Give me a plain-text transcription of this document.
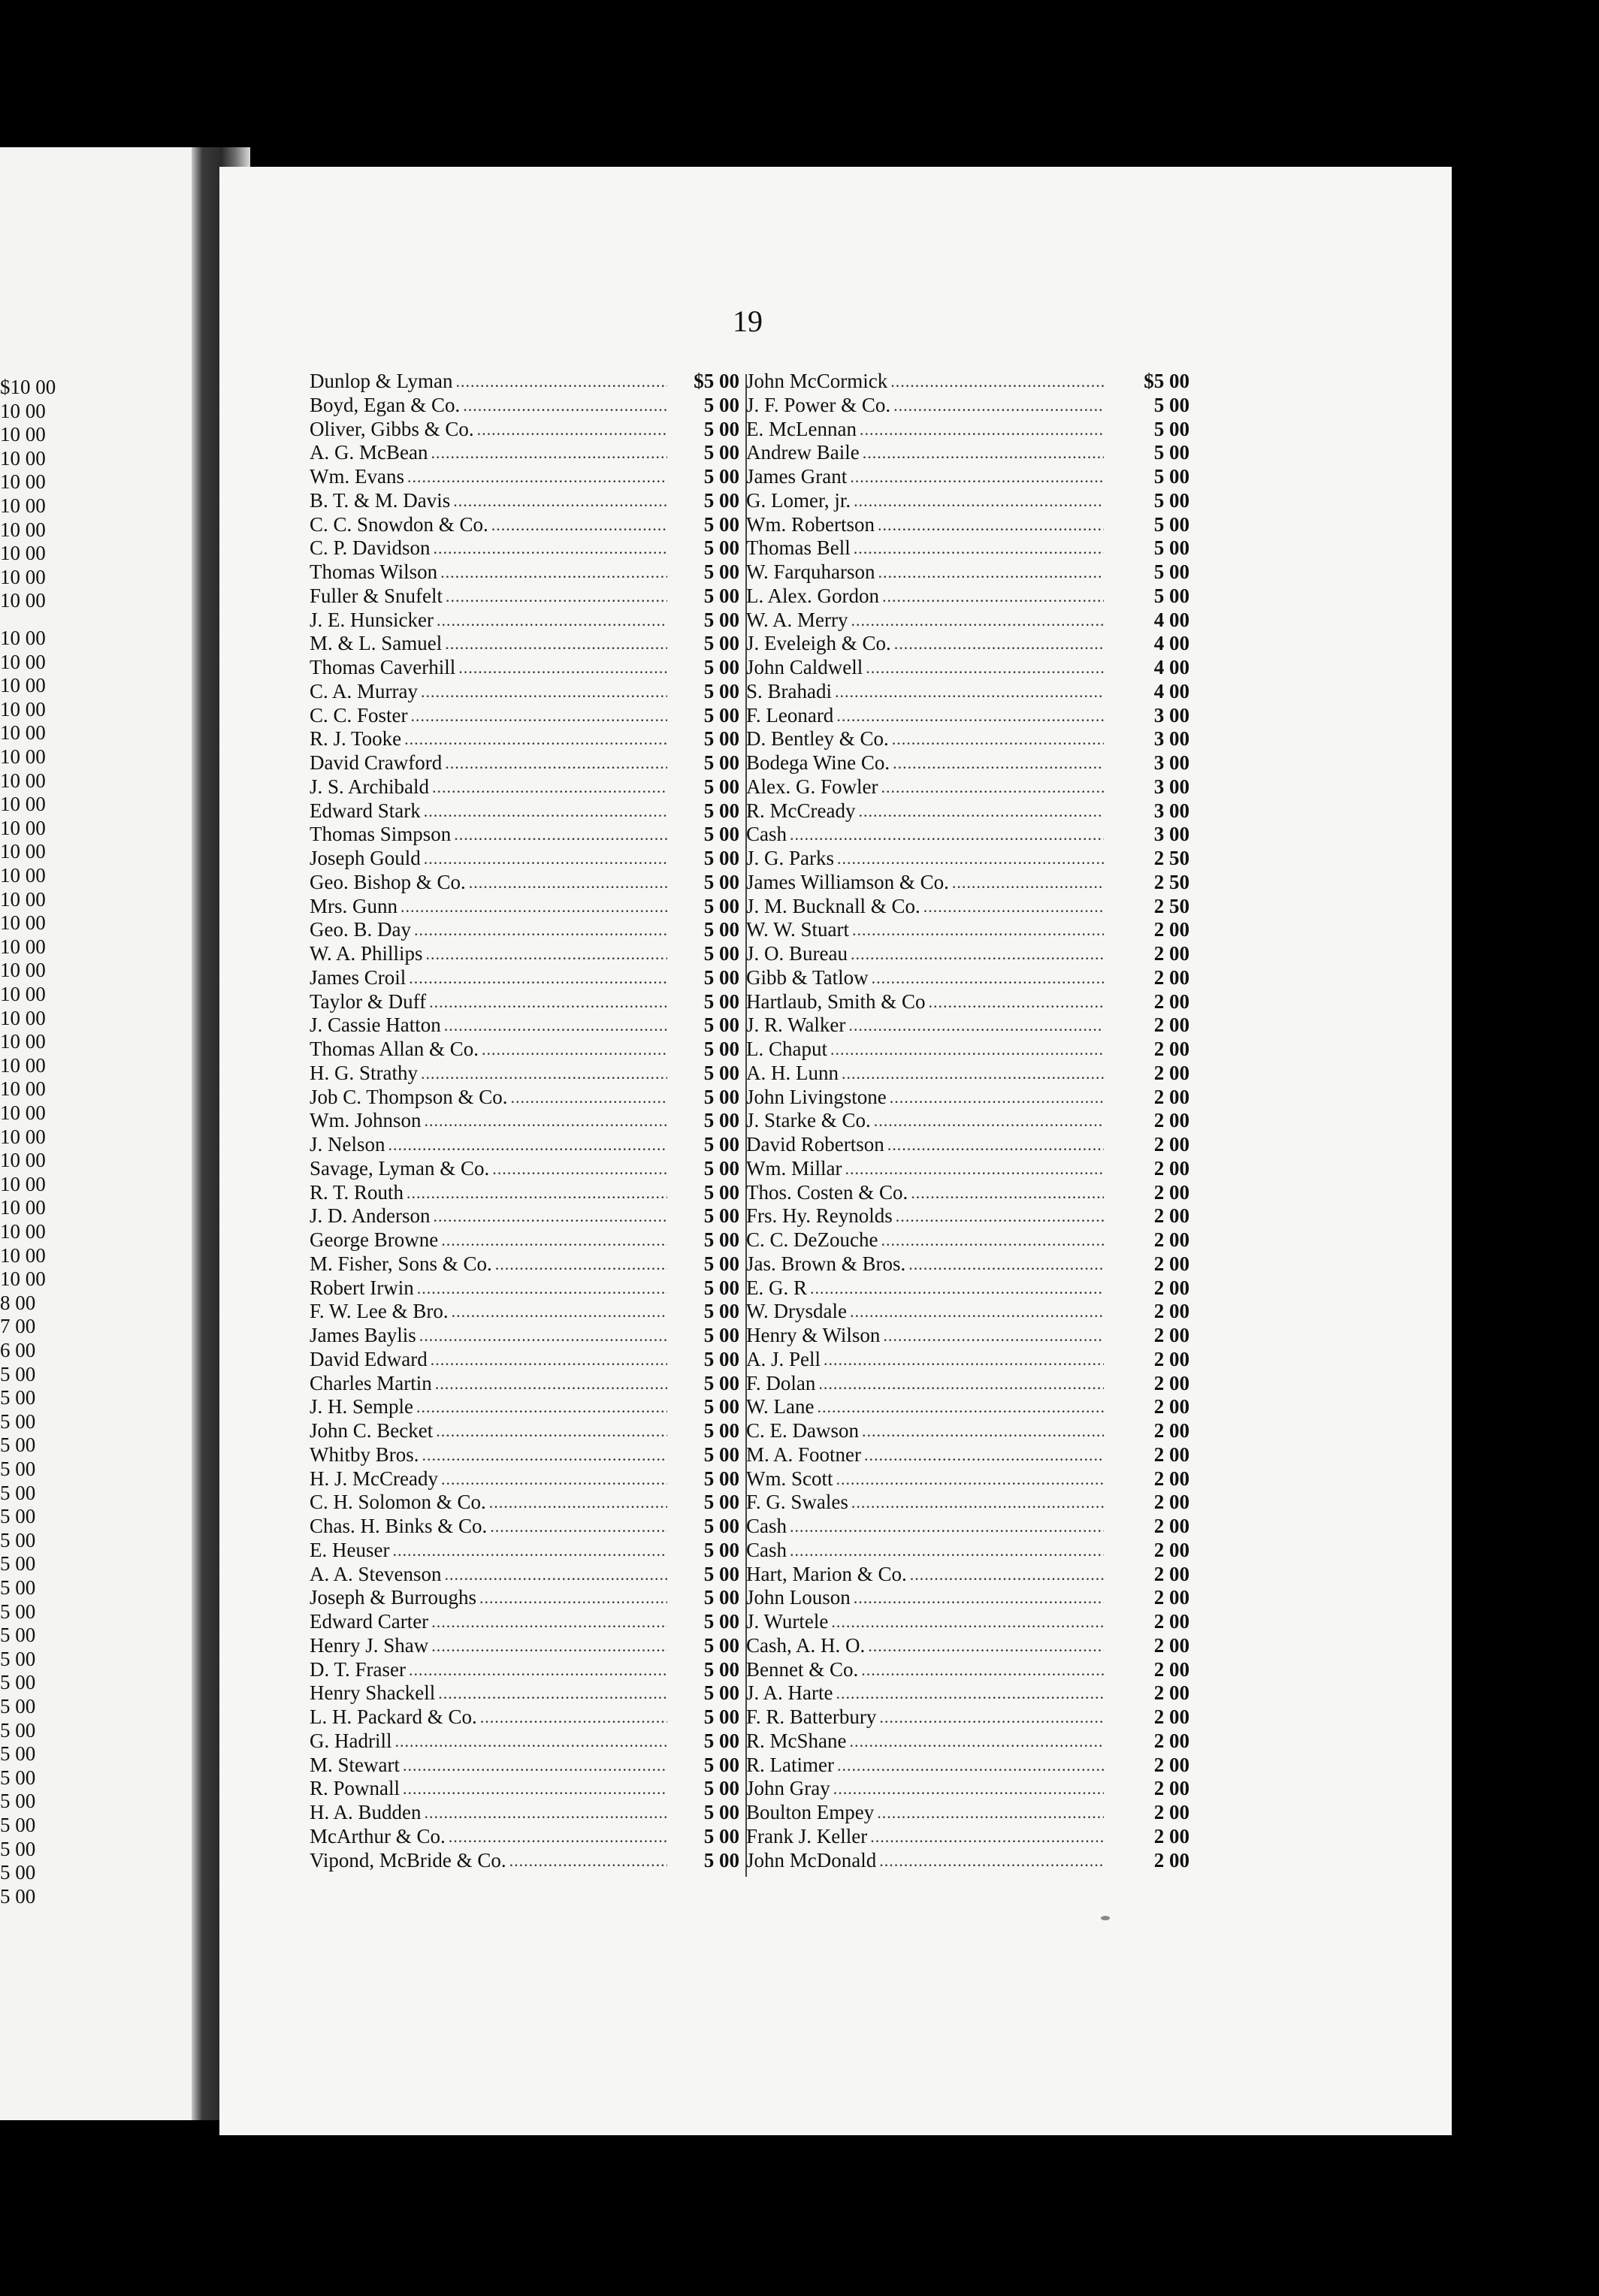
19
$10 00
10 00
10 00
10 00
10 00
10 00
10 00
10 00
10 00
10 00
10 00
10 00
10 00
10 00
10 00
10 00
10 00
10 00
10 00
10 00
10 00
10 00
10 00
10 00
10 00
10 00
10 00
10 00
10 00
10 00
10 00
10 00
10 00
10 00
10 00
10 00
10 00
10 00
8 00
7 00
6 00
5 00
5 00
5 00
5 00
5 00
5 00
5 00
5 00
5 00
5 00
5 00
5 00
5 00
5 00
5 00
5 00
5 00
5 00
5 00
5 00
5 00
5 00
5 00
Dunlop & Lyman .....	$5 00
Boyd, Egan & Co. .....	5 00
Oliver, Gibbs & Co. .....	5 00
A. G. McBean .....	5 00
Wm. Evans .....	5 00
B. T. & M. Davis .....	5 00
C. C. Snowdon & Co. .....	5 00
C. P. Davidson .....	5 00
Thomas Wilson .....	5 00
Fuller & Snufelt .....	5 00
J. E. Hunsicker .....	5 00
M. & L. Samuel .....	5 00
Thomas Caverhill .....	5 00
C. A. Murray .....	5 00
C. C. Foster .....	5 00
R. J. Tooke .....	5 00
David Crawford .....	5 00
J. S. Archibald .....	5 00
Edward Stark .....	5 00
Thomas Simpson .....	5 00
Joseph Gould .....	5 00
Geo. Bishop & Co. .....	5 00
Mrs. Gunn .....	5 00
Geo. B. Day .....	5 00
W. A. Phillips .....	5 00
James Croil .....	5 00
Taylor & Duff .....	5 00
J. Cassie Hatton .....	5 00
Thomas Allan & Co. .....	5 00
H. G. Strathy .....	5 00
Job C. Thompson & Co. .....	5 00
Wm. Johnson .....	5 00
J. Nelson .....	5 00
Savage, Lyman & Co. .....	5 00
R. T. Routh .....	5 00
J. D. Anderson .....	5 00
George Browne .....	5 00
M. Fisher, Sons & Co. .....	5 00
Robert Irwin .....	5 00
F. W. Lee & Bro. .....	5 00
James Baylis .....	5 00
David Edward .....	5 00
Charles Martin .....	5 00
J. H. Semple .....	5 00
John C. Becket .....	5 00
Whitby Bros. .....	5 00
H. J. McCready .....	5 00
C. H. Solomon & Co. .....	5 00
Chas. H. Binks & Co. .....	5 00
E. Heuser .....	5 00
A. A. Stevenson .....	5 00
Joseph & Burroughs .....	5 00
Edward Carter .....	5 00
Henry J. Shaw .....	5 00
D. T. Fraser .....	5 00
Henry Shackell .....	5 00
L. H. Packard & Co. .....	5 00
G. Hadrill .....	5 00
M. Stewart .....	5 00
R. Pownall .....	5 00
H. A. Budden .....	5 00
McArthur & Co. .....	5 00
Vipond, McBride & Co. .....	5 00
John McCormick .....	$5 00
J. F. Power & Co. .....	5 00
E. McLennan .....	5 00
Andrew Baile .....	5 00
James Grant .....	5 00
G. Lomer, jr. .....	5 00
Wm. Robertson .....	5 00
Thomas Bell .....	5 00
W. Farquharson .....	5 00
L. Alex. Gordon .....	5 00
W. A. Merry .....	4 00
J. Eveleigh & Co. .....	4 00
John Caldwell .....	4 00
S. Brahadi .....	4 00
F. Leonard .....	3 00
D. Bentley & Co. .....	3 00
Bodega Wine Co. .....	3 00
Alex. G. Fowler .....	3 00
R. McCready .....	3 00
Cash .....	3 00
J. G. Parks .....	2 50
James Williamson & Co. .....	2 50
J. M. Bucknall & Co. .....	2 50
W. W. Stuart .....	2 00
J. O. Bureau .....	2 00
Gibb & Tatlow .....	2 00
Hartlaub, Smith & Co .....	2 00
J. R. Walker .....	2 00
L. Chaput .....	2 00
A. H. Lunn .....	2 00
John Livingstone .....	2 00
J. Starke & Co. .....	2 00
David Robertson .....	2 00
Wm. Millar .....	2 00
Thos. Costen & Co. .....	2 00
Frs. Hy. Reynolds .....	2 00
C. C. DeZouche .....	2 00
Jas. Brown & Bros. .....	2 00
E. G. R .....	2 00
W. Drysdale .....	2 00
Henry & Wilson .....	2 00
A. J. Pell .....	2 00
F. Dolan .....	2 00
W. Lane .....	2 00
C. E. Dawson .....	2 00
M. A. Footner .....	2 00
Wm. Scott .....	2 00
F. G. Swales .....	2 00
Cash .....	2 00
Cash .....	2 00
Hart, Marion & Co. .....	2 00
John Louson .....	2 00
J. Wurtele .....	2 00
Cash, A. H. O. .....	2 00
Bennet & Co. .....	2 00
J. A. Harte .....	2 00
F. R. Batterbury .....	2 00
R. McShane .....	2 00
R. Latimer .....	2 00
John Gray .....	2 00
Boulton Empey .....	2 00
Frank J. Keller .....	2 00
John McDonald .....	2 00
